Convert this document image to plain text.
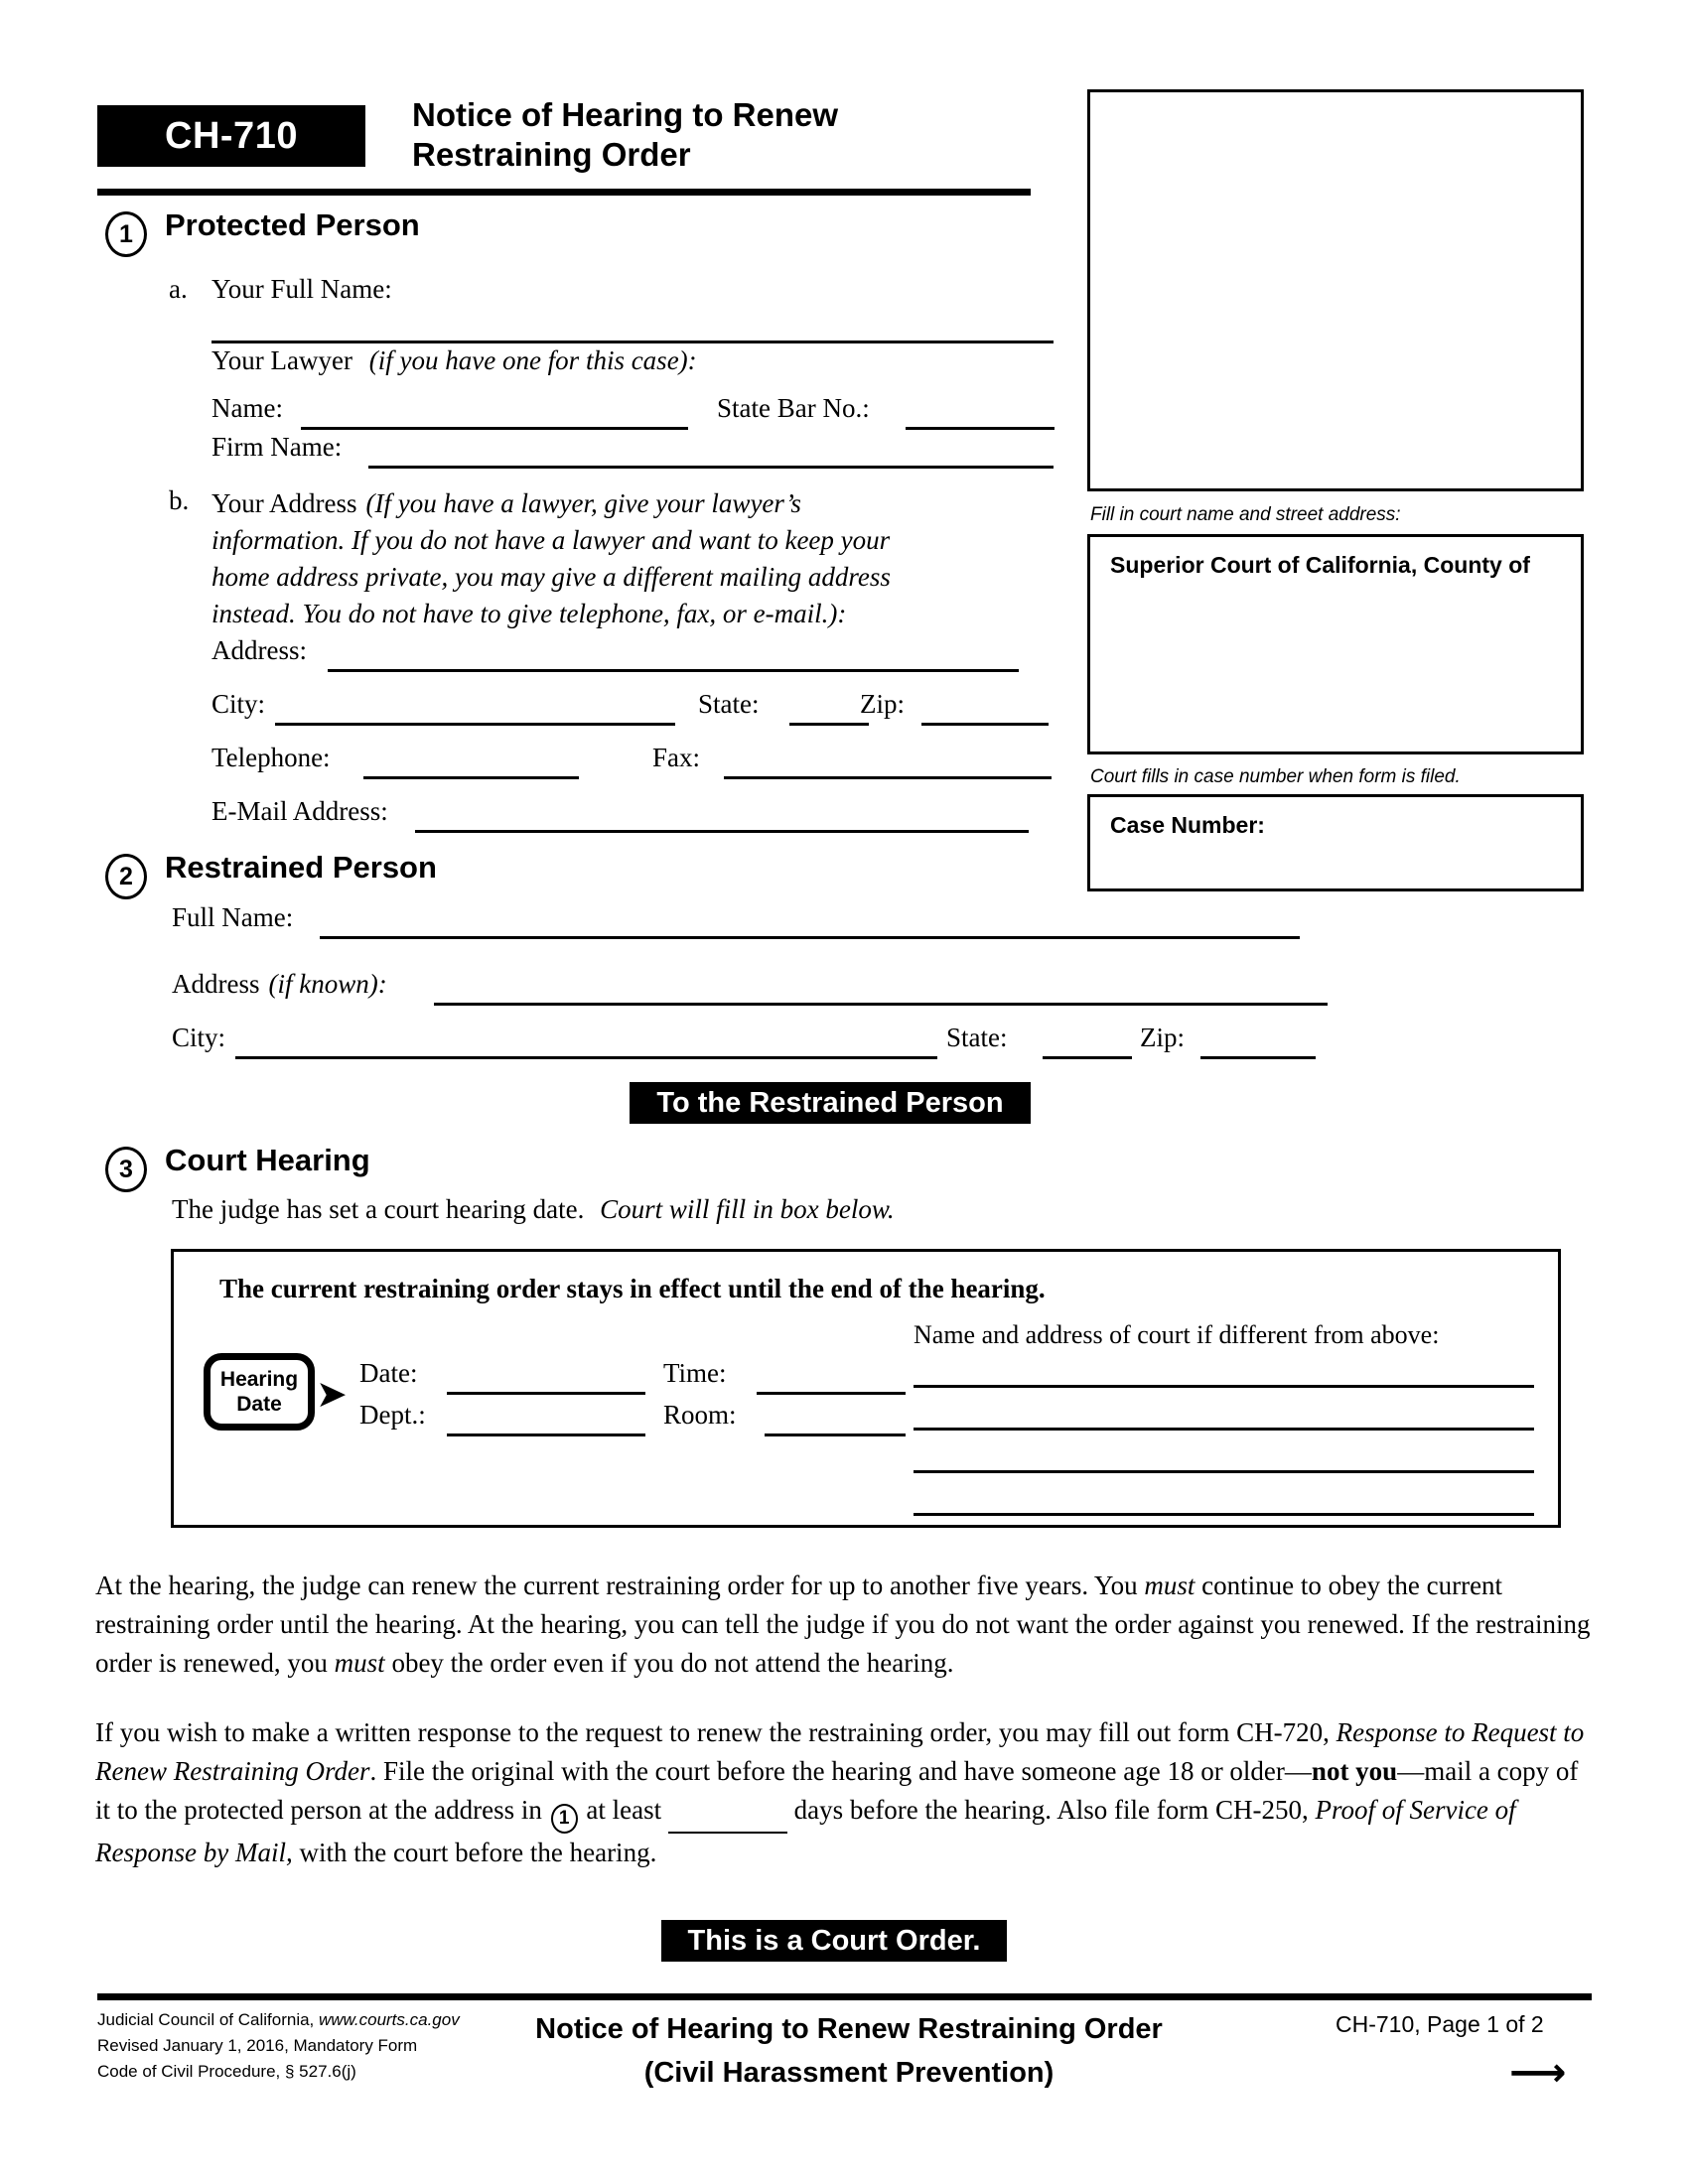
CH-710	Notice of Hearing to Renew
Restraining Order
Fill in court name and street address:
Superior Court of California, County of
Court fills in case number when form is filed.
Case Number:
1	Protected Person
a. Your Full Name:
Your Lawyer (if you have one for this case):
Name:	State Bar No.:
Firm Name:
b. Your Address (If you have a lawyer, give your lawyer’s
information. If you do not have a lawyer and want to keep your
home address private, you may give a different mailing address
instead. You do not have to give telephone, fax, or e-mail.):
Address:
City:	State:	Zip:
Telephone:	Fax:
E-Mail Address:
2	Restrained Person
Full Name:
Address (if known):
City:	State:	Zip:
To the Restrained Person
3	Court Hearing
The judge has set a court hearing date. Court will fill in box below.
The current restraining order stays in effect until the end of the hearing.
Name and address of court if different from above:
Hearing
Date ➤ Date:	Time:
Dept.:	Room:
At the hearing, the judge can renew the current restraining order for up to another five years. You must continue to obey the current restraining order until the hearing. At the hearing, you can tell the judge if you do not want the order against you renewed. If the restraining order is renewed, you must obey the order even if you do not attend the hearing.
If you wish to make a written response to the request to renew the restraining order, you may fill out form CH-720, Response to Request to Renew Restraining Order. File the original with the court before the hearing and have someone age 18 or older—not you—mail a copy of it to the protected person at the address in 1 at least	days before the hearing. Also file form CH-250, Proof of Service of Response by Mail, with the court before the hearing.
This is a Court Order.
Judicial Council of California, www.courts.ca.gov
Revised January 1, 2016, Mandatory Form
Code of Civil Procedure, § 527.6(j)
Notice of Hearing to Renew Restraining Order
(Civil Harassment Prevention)
CH-710, Page 1 of 2
⟶
